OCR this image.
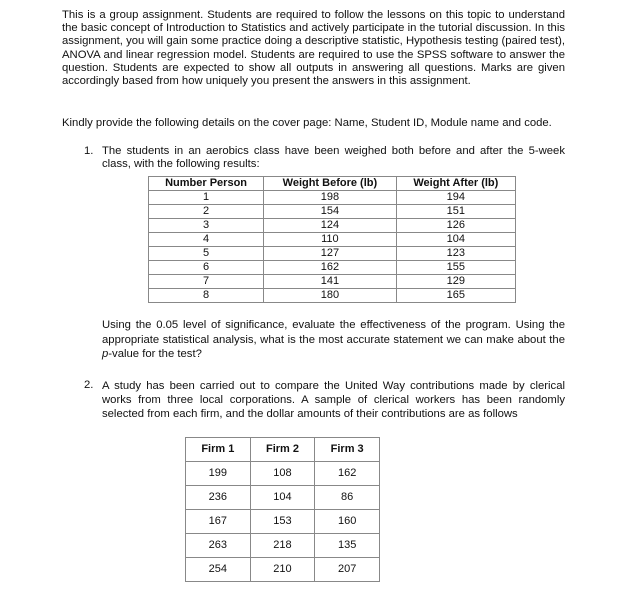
This is a group assignment. Students are required to follow the lessons on this topic to understand the basic concept of Introduction to Statistics and actively participate in the tutorial discussion. In this assignment, you will gain some practice doing a descriptive statistic, Hypothesis testing (paired test), ANOVA and linear regression model. Students are required to use the SPSS software to answer the question. Students are expected to show all outputs in answering all questions. Marks are given accordingly based from how uniquely you present the answers in this assignment.
Kindly provide the following details on the cover page: Name, Student ID, Module name and code.
1. The students in an aerobics class have been weighed both before and after the 5-week class, with the following results:
Number Person	Weight Before (lb)	Weight After (lb)
1	198	194
2	154	151
3	124	126
4	110	104
5	127	123
6	162	155
7	141	129
8	180	165
Using the 0.05 level of significance, evaluate the effectiveness of the program. Using the appropriate statistical analysis, what is the most accurate statement we can make about the p-value for the test?
2. A study has been carried out to compare the United Way contributions made by clerical works from three local corporations. A sample of clerical workers has been randomly selected from each firm, and the dollar amounts of their contributions are as follows
Firm 1	Firm 2	Firm 3
199	108	162
236	104	86
167	153	160
263	218	135
254	210	207
